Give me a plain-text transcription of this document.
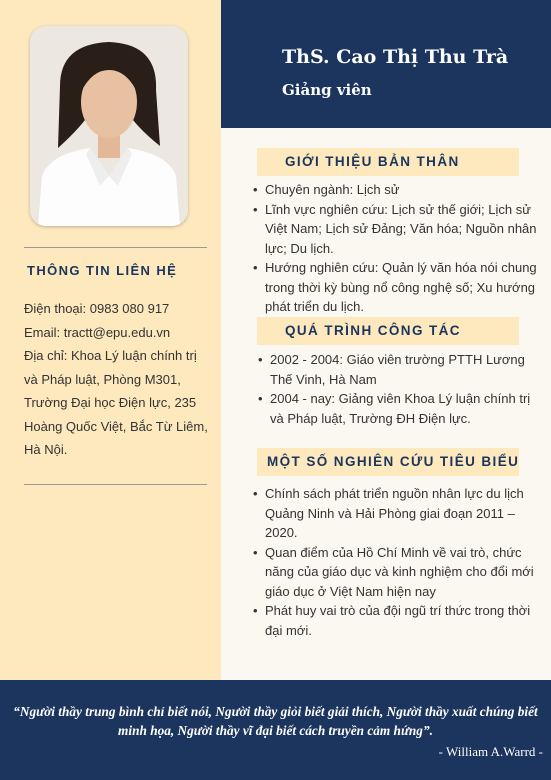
ThS. Cao Thị Thu Trà
Giảng viên
THÔNG TIN LIÊN HỆ
Điện thoại: 0983 080 917
Email: tractt@epu.edu.vn
Địa chỉ: Khoa Lý luận chính trị
và Pháp luật, Phòng M301,
Trường Đại học Điện lực, 235
Hoàng Quốc Việt, Bắc Từ Liêm,
Hà Nội.
GIỚI THIỆU BẢN THÂN
• Chuyên ngành: Lịch sử
• Lĩnh vực nghiên cứu: Lịch sử thế giới; Lịch sử Việt Nam; Lịch sử Đảng; Văn hóa; Nguồn nhân lực; Du lịch.
• Hướng nghiên cứu: Quản lý văn hóa nói chung trong thời kỳ bùng nổ công nghệ số; Xu hướng phát triển du lịch.
QUÁ TRÌNH CÔNG TÁC
• 2002 - 2004: Giáo viên trường PTTH Lương Thế Vinh, Hà Nam
• 2004 - nay: Giảng viên Khoa Lý luận chính trị và Pháp luật, Trường ĐH Điện lực.
MỘT SỐ NGHIÊN CỨU TIÊU BIỂU
• Chính sách phát triển nguồn nhân lực du lịch Quảng Ninh và Hải Phòng giai đoạn 2011 – 2020.
• Quan điểm của Hồ Chí Minh về vai trò, chức năng của giáo dục và kinh nghiệm cho đổi mới giáo dục ở Việt Nam hiện nay
• Phát huy vai trò của đội ngũ trí thức trong thời đại mới.
“Người thầy trung bình chỉ biết nói, Người thầy giỏi biết giải thích, Người thầy xuất chúng biết minh họa, Người thầy vĩ đại biết cách truyền cảm hứng”.
- William A.Warrd -
